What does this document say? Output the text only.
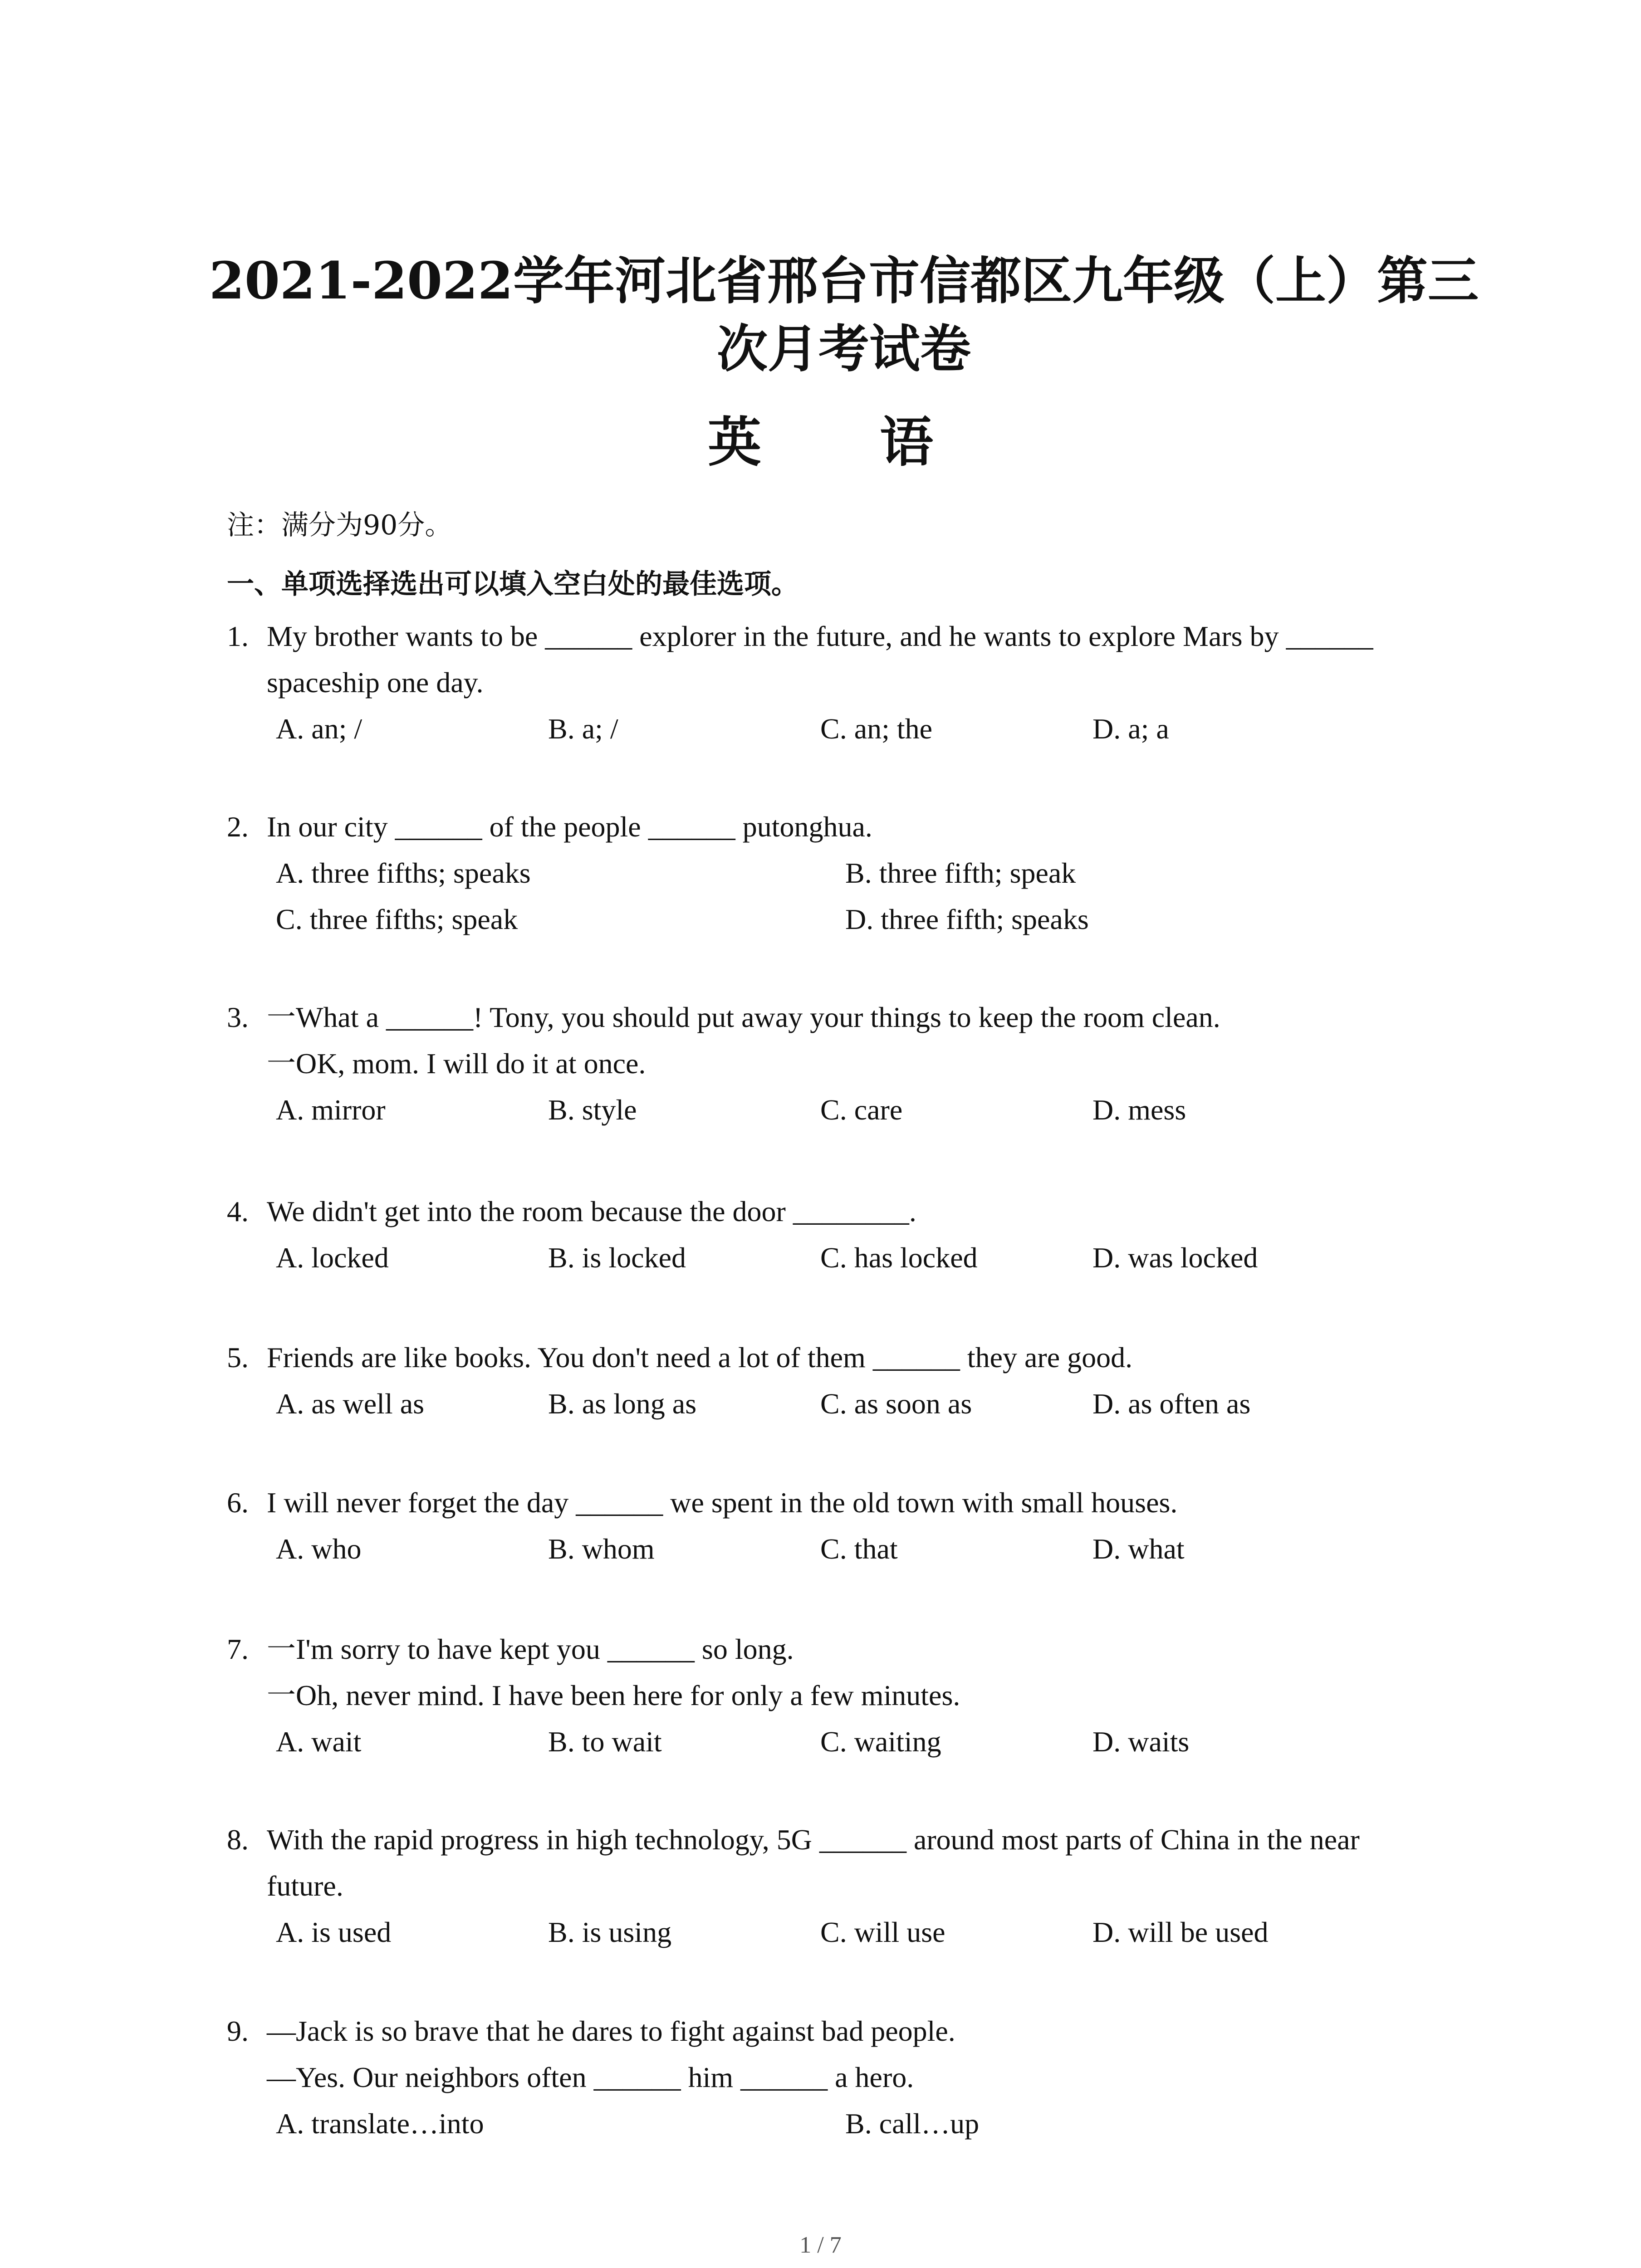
2021-2022学年河北省邢台市信都区九年级（上）第三
次月考试卷
英 语
注：满分为90分。
一、单项选择选出可以填入空白处的最佳选项。
1. My brother wants to be ______ explorer in the future, and he wants to explore Mars by ______
spaceship one day.
A. an; /	B. a; /	C. an; the	D. a; a
2. In our city ______ of the people ______ putonghua.
A. three fifths; speaks	B. three fifth; speak
C. three fifths; speak	D. three fifth; speaks
3. 一What a ______! Tony, you should put away your things to keep the room clean.
一OK, mom. I will do it at once.
A. mirror	B. style	C. care	D. mess
4. We didn't get into the room because the door ________.
A. locked	B. is locked	C. has locked	D. was locked
5. Friends are like books. You don't need a lot of them ______ they are good.
A. as well as	B. as long as	C. as soon as	D. as often as
6. I will never forget the day ______ we spent in the old town with small houses.
A. who	B. whom	C. that	D. what
7. 一I'm sorry to have kept you ______ so long.
一Oh, never mind. I have been here for only a few minutes.
A. wait	B. to wait	C. waiting	D. waits
8. With the rapid progress in high technology, 5G ______ around most parts of China in the near
future.
A. is used	B. is using	C. will use	D. will be used
9. —Jack is so brave that he dares to fight against bad people.
—Yes. Our neighbors often ______ him ______ a hero.
A. translate…into	B. call…up
1 / 7
